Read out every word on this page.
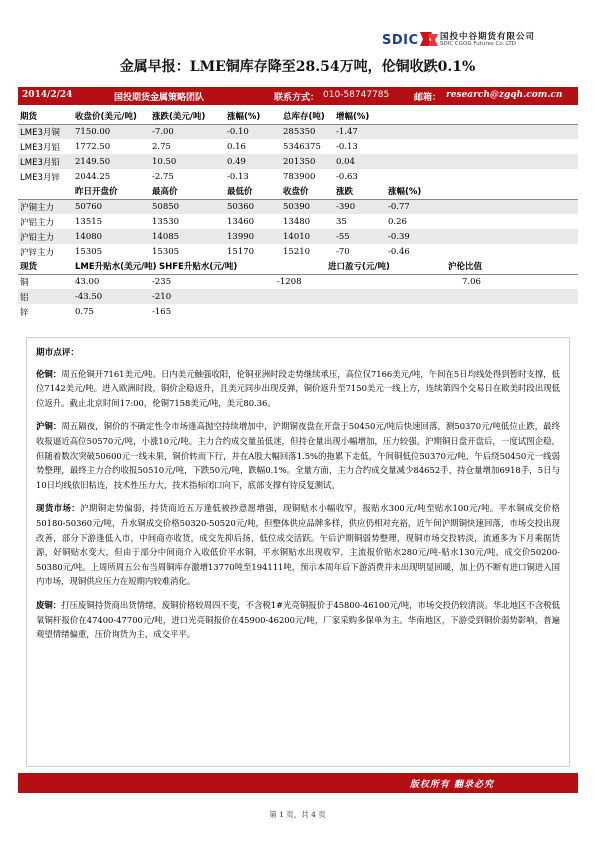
SDIC	国投中谷期货有限公司
SDIC CGOG Futures Co.,LTD
金属早报：LME铜库存降至28.54万吨，伦铜收跌0.1%
2014/2/24	国投期货金属策略团队	联系方式： 010-58747785	邮箱： research@zgqh.com.cn
期货	收盘价(美元/吨)	涨跌(美元/吨)	涨幅(%)	总库存(吨)	增幅(%)		
LME3月铜	7150.00	-7.00	-0.10	285350	-1.47		
LME3月铝	1772.50	2.75	0.16	5346375	-0.13		
LME3月铅	2149.50	10.50	0.49	201350	0.04		
LME3月锌	2044.25	-2.75	-0.13	783900	-0.63		
	昨日开盘价	最高价	最低价	收盘价	涨跌	涨幅(%)	
沪铜主力	50760	50850	50360	50390	-390	-0.77	
沪铝主力	13515	13530	13460	13480	35	0.26	
沪铅主力	14080	14085	13990	14010	-55	-0.39	
沪锌主力	15305	15305	15170	15210	-70	-0.46	
现货	LME升贴水(美元/吨)	SHFE升贴水(元/吨)	进口盈亏(元/吨)	沪伦比值
铜	43.00	-235		-1208		7.06
铝	-43.50	-210					
锌	0.75	-165					
期市点评：

伦铜：周五伦铜开7161美元/吨。日内美元触强收阳，伦铜亚洲时段走势继续承压，高位仅7166美元/吨，午间在5日均线处得到暂时支撑，低位7142美元/吨。进入欧洲时段，铜价企稳返升，且美元同步出现反弹，铜价返升至7150美元一线上方，连续第四个交易日在欧美时段出现低位返升。截止北京时间17:00，伦铜7158美元/吨，美元80.36。

沪铜：周五隔夜，铜价的不确定性令市场逢高抛空持续增加中，沪期铜夜盘在开盘于50450元/吨后快速回落，测50370元/吨低位止跌，最终收报逼近高位50570元/吨，小涨10元/吨。主力合约成交量虽低迷，但持仓量出现小幅增加，压力较强。沪期铜日盘开盘后，一度试图企稳，但随着数次突破50600元一线未果，铜价转而下行，并在A股大幅回落1.5%的拖累下走低，午间铜低位50370元/吨，午后绕50450元一线弱势整理，最终主力合约收报50510元/吨，下跌50元/吨，跌幅0.1%。全量方面，主力合约成交量减少84652手，持仓量增加6918手，5日与10日均线依旧粘连，技术性压力大，技术指标闭口向下，底部支撑有待反复测试。

现货市场：沪期铜走势偏弱，持货商近五万逢低被抄意愿增强，现铜贴水小幅收窄，报贴水300元/吨至贴水100元/吨。平水铜成交价格50180-50360元/吨，升水铜成交价格50320-50520元/吨，但整体供应品牌多样，供应仍相对充裕，近午间沪期铜快速回落，市场交投出现改善，部分下游逢低入市，中间商亦收货，成交先抑后扬，低位成交活跃。午后沪期铜弱势整理，现铜市场交投转淡，流通多为下月乘据货源，好铜贴水变大，但由于部分中间商介入收低价平水铜，平水铜贴水出现收窄，主流报价贴水280元/吨-贴水130元/吨，成交价50200-50380元/吨。上周所周五公布当周铜库存激增13770吨至194111吨，预示本周年后下游消费并未出现明显回暖，加上仍不断有进口铜进入国内市场，现铜供应压力在短期内较难消化。

废铜：打压废铜持货商出货情绪，废铜价格较周四不变，不含税1#光亮铜报价于45800-46100元/吨，市场交投仍较清淡。华北地区不含税低氧铜杆报价在47400-47700元/吨，进口光亮铜报价在45900-46200元/吨，厂家采购多保单为主。华南地区，下游受到铜价弱势影响，普遍观望情绪偏重，压价询货为主，成交平平。

版权所有 翻录必究
第 1 页，共 4 页
